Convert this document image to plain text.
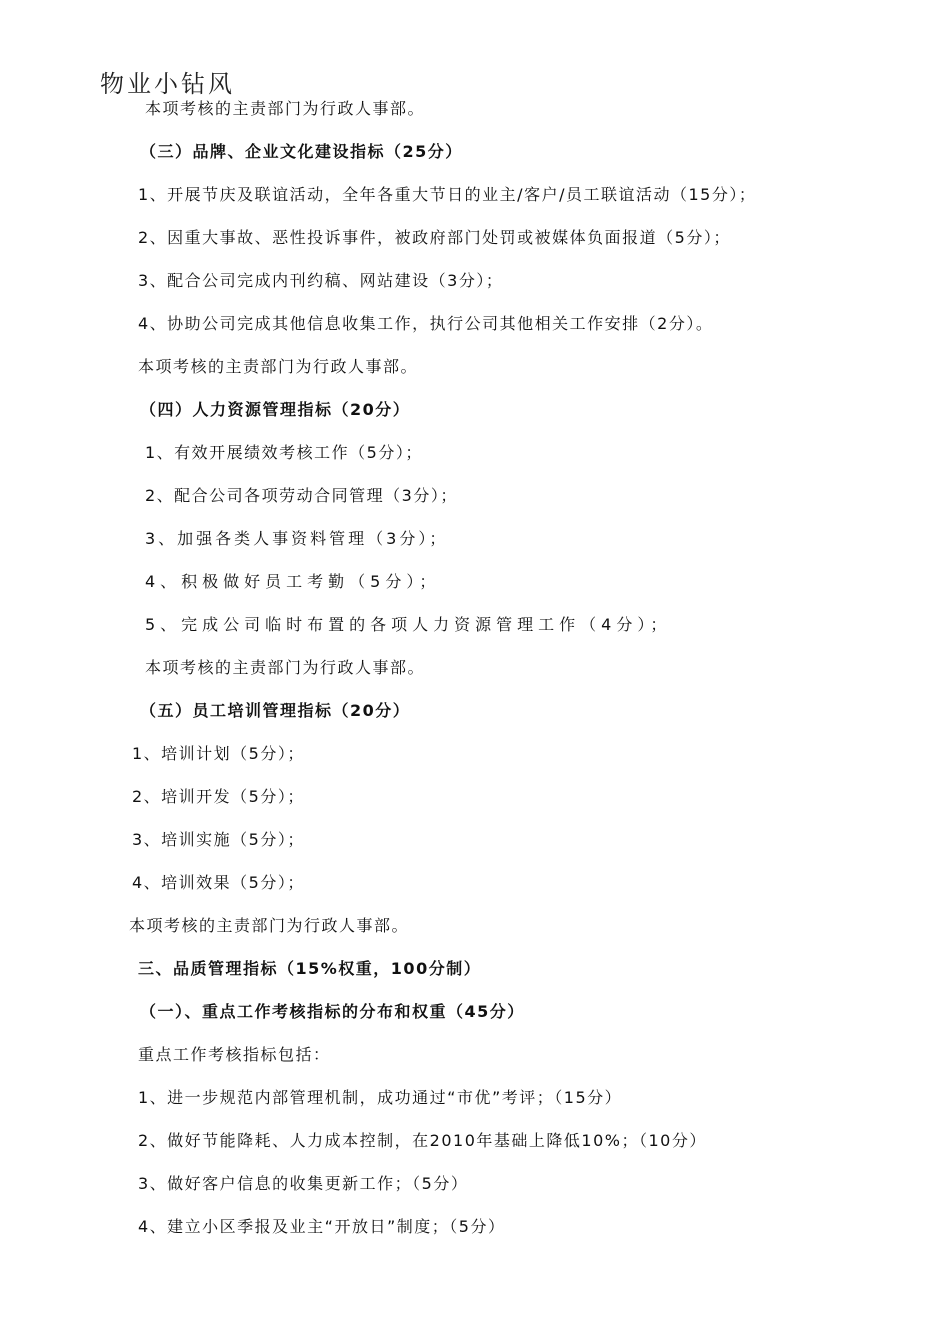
物业小钻风
本项考核的主责部门为行政人事部。
（三）品牌、企业文化建设指标（25分）
1、开展节庆及联谊活动，全年各重大节日的业主/客户/员工联谊活动（15分）；
2、因重大事故、恶性投诉事件，被政府部门处罚或被媒体负面报道（5分）；
3、配合公司完成内刊约稿、网站建设（3分）；
4、协助公司完成其他信息收集工作，执行公司其他相关工作安排（2分）。
本项考核的主责部门为行政人事部。
（四）人力资源管理指标（20分）
1、有效开展绩效考核工作（5分）；
2、配合公司各项劳动合同管理（3分）；
3、加强各类人事资料管理（3分）；
4、积极做好员工考勤（5分）；
5、完成公司临时布置的各项人力资源管理工作（4分）；
本项考核的主责部门为行政人事部。
（五）员工培训管理指标（20分）
1、培训计划（5分）；
2、培训开发（5分）；
3、培训实施（5分）；
4、培训效果（5分）；
本项考核的主责部门为行政人事部。
三、品质管理指标（15%权重，100分制）
（一）、重点工作考核指标的分布和权重（45分）
重点工作考核指标包括：
1、进一步规范内部管理机制，成功通过“市优”考评；（15分）
2、做好节能降耗、人力成本控制，在2010年基础上降低10%；（10分）
3、做好客户信息的收集更新工作；（5分）
4、建立小区季报及业主“开放日”制度；（5分）
